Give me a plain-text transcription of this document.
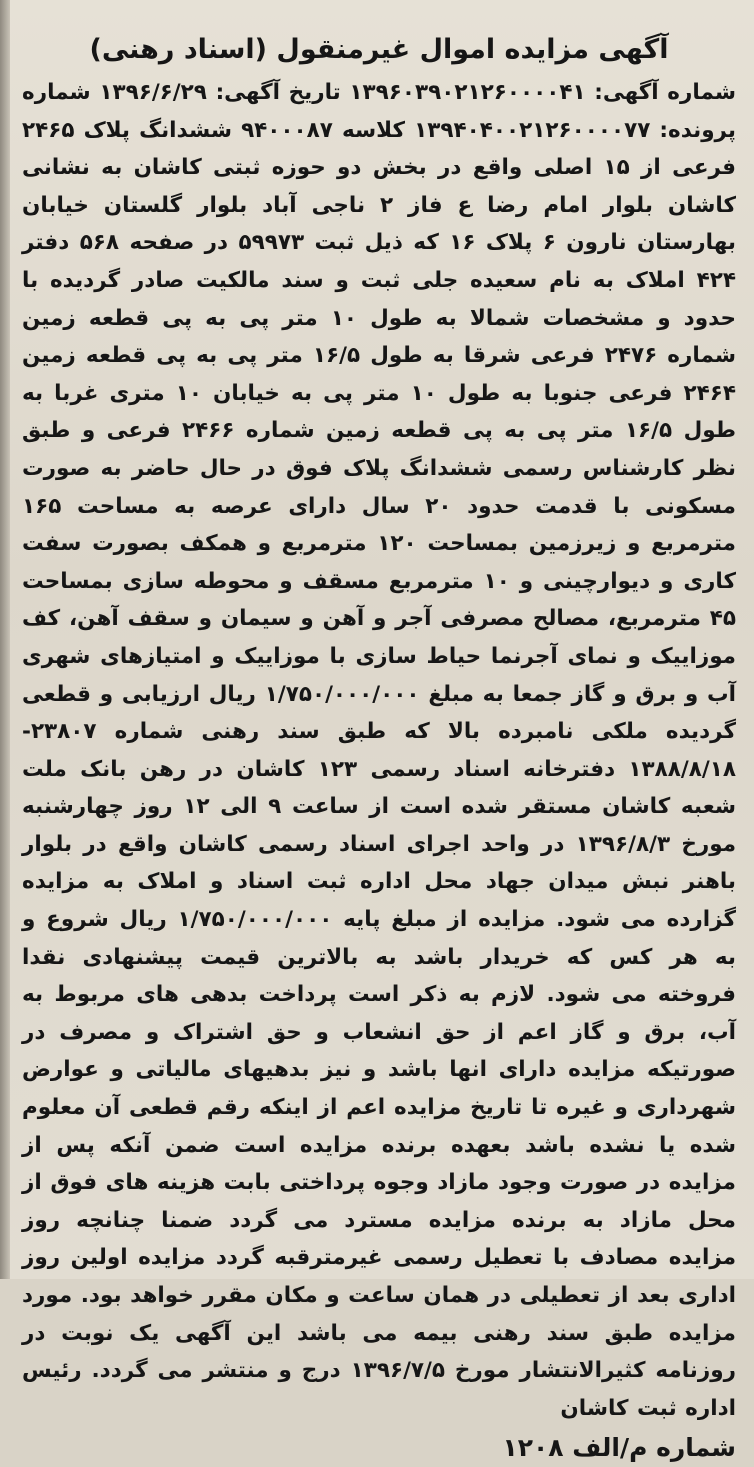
آگهی مزایده اموال غیرمنقول (اسناد رهنی)

شماره آگهی: ۱۳۹۶۰۳۹۰۲۱۲۶۰۰۰۰۴۱ تاریخ آگهی: ۱۳۹۶/۶/۲۹ شماره پرونده: ۱۳۹۴۰۴۰۰۲۱۲۶۰۰۰۰۷۷ کلاسه ۹۴۰۰۰۸۷ ششدانگ پلاک ۲۴۶۵ فرعی از ۱۵ اصلی واقع در بخش دو حوزه ثبتی کاشان به نشانی کاشان بلوار امام رضا ع فاز ۲ ناجی آباد بلوار گلستان خیابان بهارستان نارون ۶ پلاک ۱۶ که ذیل ثبت ۵۹۹۷۳ در صفحه ۵۶۸ دفتر ۴۲۴ املاک به نام سعیده جلی ثبت و سند مالکیت صادر گردیده با حدود و مشخصات شمالا به طول ۱۰ متر پی به پی قطعه زمین شماره ۲۴۷۶ فرعی شرقا به طول ۱۶/۵ متر پی به پی قطعه زمین ۲۴۶۴ فرعی جنوبا به طول ۱۰ متر پی به خیابان ۱۰ متری غربا به طول ۱۶/۵ متر پی به پی قطعه زمین شماره ۲۴۶۶ فرعی و طبق نظر کارشناس رسمی ششدانگ پلاک فوق در حال حاضر به صورت مسکونی با قدمت حدود ۲۰ سال دارای عرصه به مساحت ۱۶۵ مترمربع و زیرزمین بمساحت ۱۲۰ مترمربع و همکف بصورت سفت کاری و دیوارچینی و ۱۰ مترمربع مسقف و محوطه سازی بمساحت ۴۵ مترمربع، مصالح مصرفی آجر و آهن و سیمان و سقف آهن، کف موزاییک و نمای آجرنما حیاط سازی با موزاییک و امتیازهای شهری آب و برق و گاز جمعا به مبلغ ۱/۷۵۰/۰۰۰/۰۰۰ ریال ارزیابی و قطعی گردیده ملکی نامبرده بالا که طبق سند رهنی شماره ۲۳۸۰۷- ۱۳۸۸/۸/۱۸ دفترخانه اسناد رسمی ۱۲۳ کاشان در رهن بانک ملت شعبه کاشان مستقر شده است از ساعت ۹ الی ۱۲ روز چهارشنبه مورخ ۱۳۹۶/۸/۳ در واحد اجرای اسناد رسمی کاشان واقع در بلوار باهنر نبش میدان جهاد محل اداره ثبت اسناد و املاک به مزایده گزارده می شود. مزایده از مبلغ پایه ۱/۷۵۰/۰۰۰/۰۰۰ ریال شروع و به هر کس که خریدار باشد به بالاترین قیمت پیشنهادی نقدا فروخته می شود. لازم به ذکر است پرداخت بدهی های مربوط به آب، برق و گاز اعم از حق انشعاب و حق اشتراک و مصرف در صورتیکه مزایده دارای انها باشد و نیز بدهیهای مالیاتی و عوارض شهرداری و غیره تا تاریخ مزایده اعم از اینکه رقم قطعی آن معلوم شده یا نشده باشد بعهده برنده مزایده است ضمن آنکه پس از مزایده در صورت وجود مازاد وجوه پرداختی بابت هزینه های فوق از محل مازاد به برنده مزایده مسترد می گردد ضمنا چنانچه روز مزایده مصادف با تعطیل رسمی غیرمترقبه گردد مزایده اولین روز اداری بعد از تعطیلی در همان ساعت و مکان مقرر خواهد بود. مورد مزایده طبق سند رهنی بیمه می باشد این آگهی یک نوبت در روزنامه کثیرالانتشار مورخ ۱۳۹۶/۷/۵ درج و منتشر می گردد. رئیس اداره ثبت کاشان

شماره م/الف ۱۲۰۸
